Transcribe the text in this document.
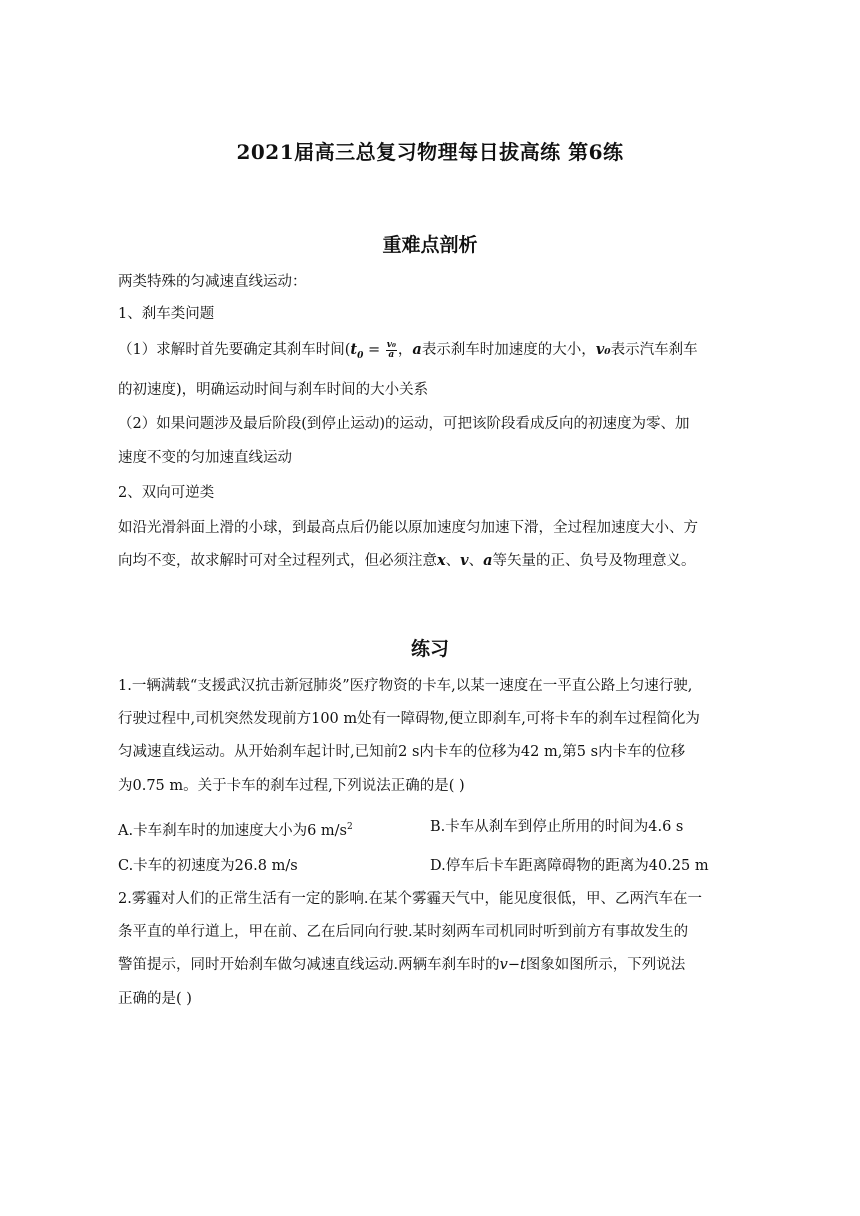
2021届高三总复习物理每日拔高练 第6练
重难点剖析
两类特殊的匀减速直线运动：
1、刹车类问题
（1）求解时首先要确定其刹车时间($t_0 = \frac{\text{v₀}}{a}$ ，a表示刹车时加速度的大小，v₀表示汽车刹车
的初速度)，明确运动时间与刹车时间的大小关系
（2）如果问题涉及最后阶段(到停止运动)的运动，可把该阶段看成反向的初速度为零、加
速度不变的匀加速直线运动
2、双向可逆类
如沿光滑斜面上滑的小球，到最高点后仍能以原加速度匀加速下滑，全过程加速度大小、方
向均不变，故求解时可对全过程列式，但必须注意x、v、a等矢量的正、负号及物理意义。
练习
1.一辆满载“支援武汉抗击新冠肺炎”医疗物资的卡车,以某一速度在一平直公路上匀速行驶,
行驶过程中,司机突然发现前方100 m处有一障碍物,便立即刹车,可将卡车的刹车过程简化为
匀减速直线运动。从开始刹车起计时,已知前2 s内卡车的位移为42 m,第5 s内卡车的位移
为0.75 m。关于卡车的刹车过程,下列说法正确的是( )
A.卡车刹车时的加速度大小为6 $m/s^2$	B.卡车从刹车到停止所用的时间为4.6 s
C.卡车的初速度为26.8 m/s	D.停车后卡车距离障碍物的距离为40.25 m
2.雾霾对人们的正常生活有一定的影响.在某个雾霾天气中，能见度很低，甲、乙两汽车在一
条平直的单行道上，甲在前、乙在后同向行驶.某时刻两车司机同时听到前方有事故发生的
警笛提示，同时开始刹车做匀减速直线运动.两辆车刹车时的v−t图象如图所示，下列说法
正确的是( )
